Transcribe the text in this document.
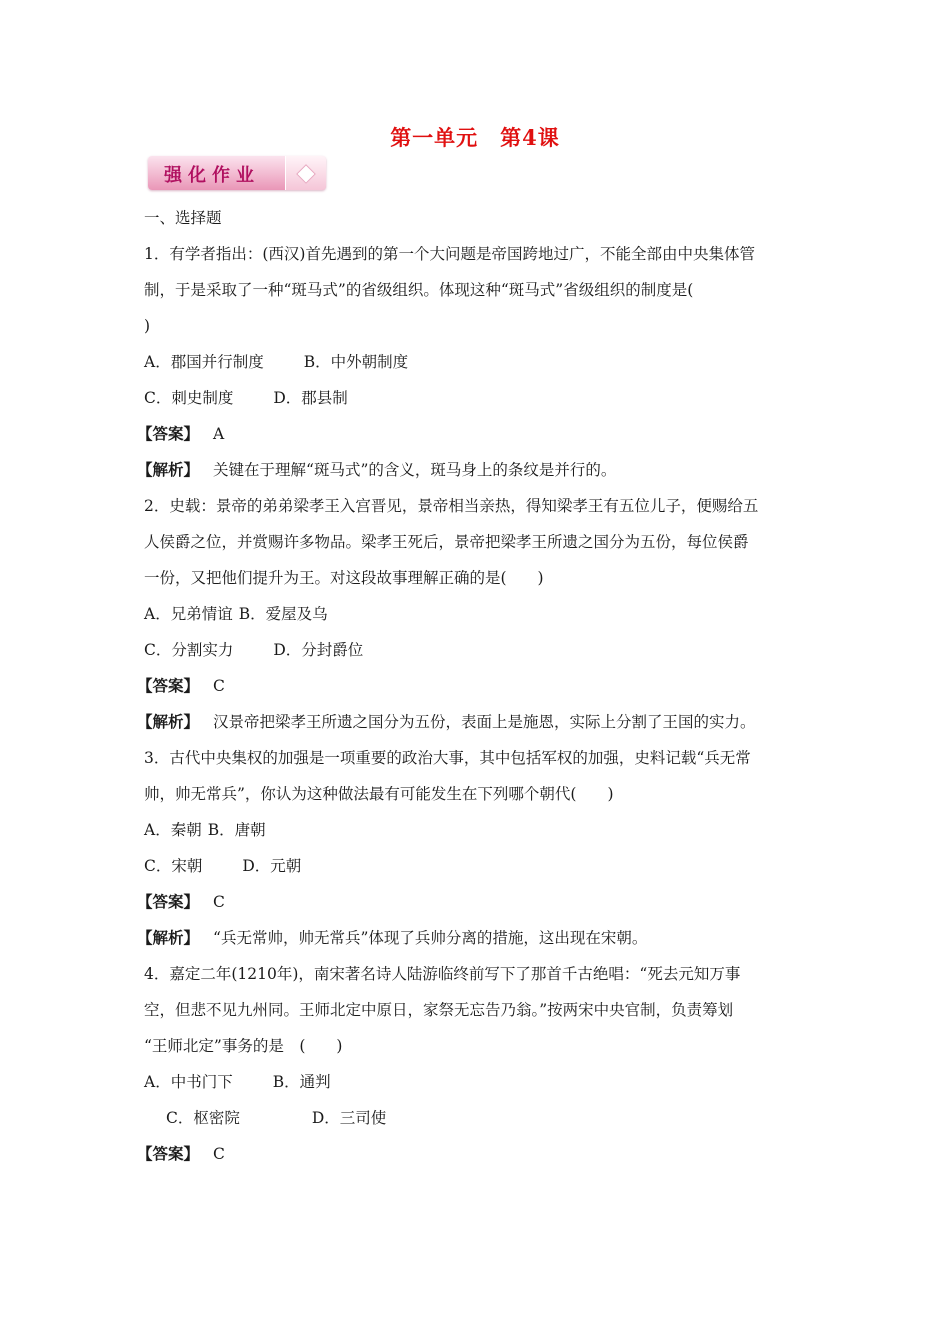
第一单元　第4课
强化作业
一、选择题
1．有学者指出：(西汉)首先遇到的第一个大问题是帝国跨地过广，不能全部由中央集体管
制，于是采取了一种“斑马式”的省级组织。体现这种“斑马式”省级组织的制度是(
)
A．郡国并行制度	B．中外朝制度
C．刺史制度	D．郡县制
【答案】 A
【解析】 关键在于理解“斑马式”的含义，斑马身上的条纹是并行的。
2．史载：景帝的弟弟梁孝王入宫晋见，景帝相当亲热，得知梁孝王有五位儿子，便赐给五
人侯爵之位，并赏赐许多物品。梁孝王死后，景帝把梁孝王所遗之国分为五份，每位侯爵
一份，又把他们提升为王。对这段故事理解正确的是(　　)
A．兄弟情谊 B．爱屋及乌
C．分割实力	D．分封爵位
【答案】 C
【解析】 汉景帝把梁孝王所遗之国分为五份，表面上是施恩，实际上分割了王国的实力。
3．古代中央集权的加强是一项重要的政治大事，其中包括军权的加强，史料记载“兵无常
帅，帅无常兵”，你认为这种做法最有可能发生在下列哪个朝代(　　)
A．秦朝 B．唐朝
C．宋朝	D．元朝
【答案】 C
【解析】 “兵无常帅，帅无常兵”体现了兵帅分离的措施，这出现在宋朝。
4．嘉定二年(1210年)，南宋著名诗人陆游临终前写下了那首千古绝唱：“死去元知万事
空，但悲不见九州同。王师北定中原日，家祭无忘告乃翁。”按两宋中央官制，负责筹划
“王师北定”事务的是　(　　)
A．中书门下	B．通判
C．枢密院	D．三司使
【答案】 C
